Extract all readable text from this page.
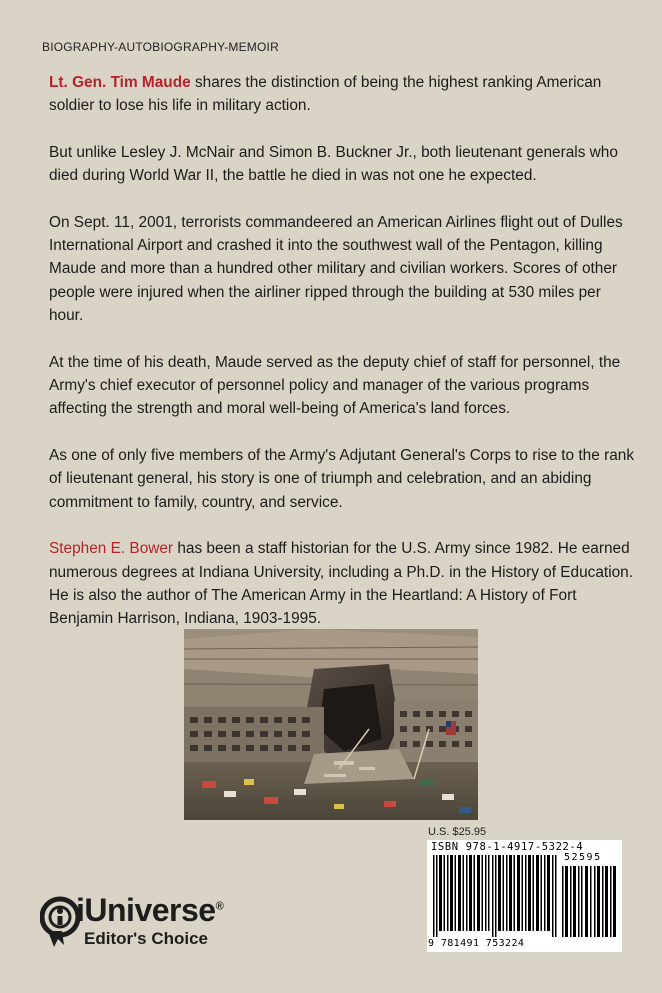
BIOGRAPHY-AUTOBIOGRAPHY-MEMOIR

Lt. Gen. Tim Maude shares the distinction of being the highest ranking American soldier to lose his life in military action.

But unlike Lesley J. McNair and Simon B. Buckner Jr., both lieutenant generals who died during World War II, the battle he died in was not one he expected.

On Sept. 11, 2001, terrorists commandeered an American Airlines flight out of Dulles International Airport and crashed it into the southwest wall of the Pentagon, killing Maude and more than a hundred other military and civilian workers. Scores of other people were injured when the airliner ripped through the building at 530 miles per hour.

At the time of his death, Maude served as the deputy chief of staff for personnel, the Army's chief executor of personnel policy and manager of the various programs affecting the strength and moral well-being of America's land forces.

As one of only five members of the Army's Adjutant General's Corps to rise to the rank of lieutenant general, his story is one of triumph and celebration, and an abiding commitment to family, country, and service.

Stephen E. Bower has been a staff historian for the U.S. Army since 1982. He earned numerous degrees at Indiana University, including a Ph.D. in the History of Education. He is also the author of The American Army in the Heartland: A History of Fort Benjamin Harrison, Indiana, 1903-1995.

U.S. $25.95
ISBN 978-1-4917-5322-4
52595
9 781491 753224
iUniverse®
Editor's Choice
